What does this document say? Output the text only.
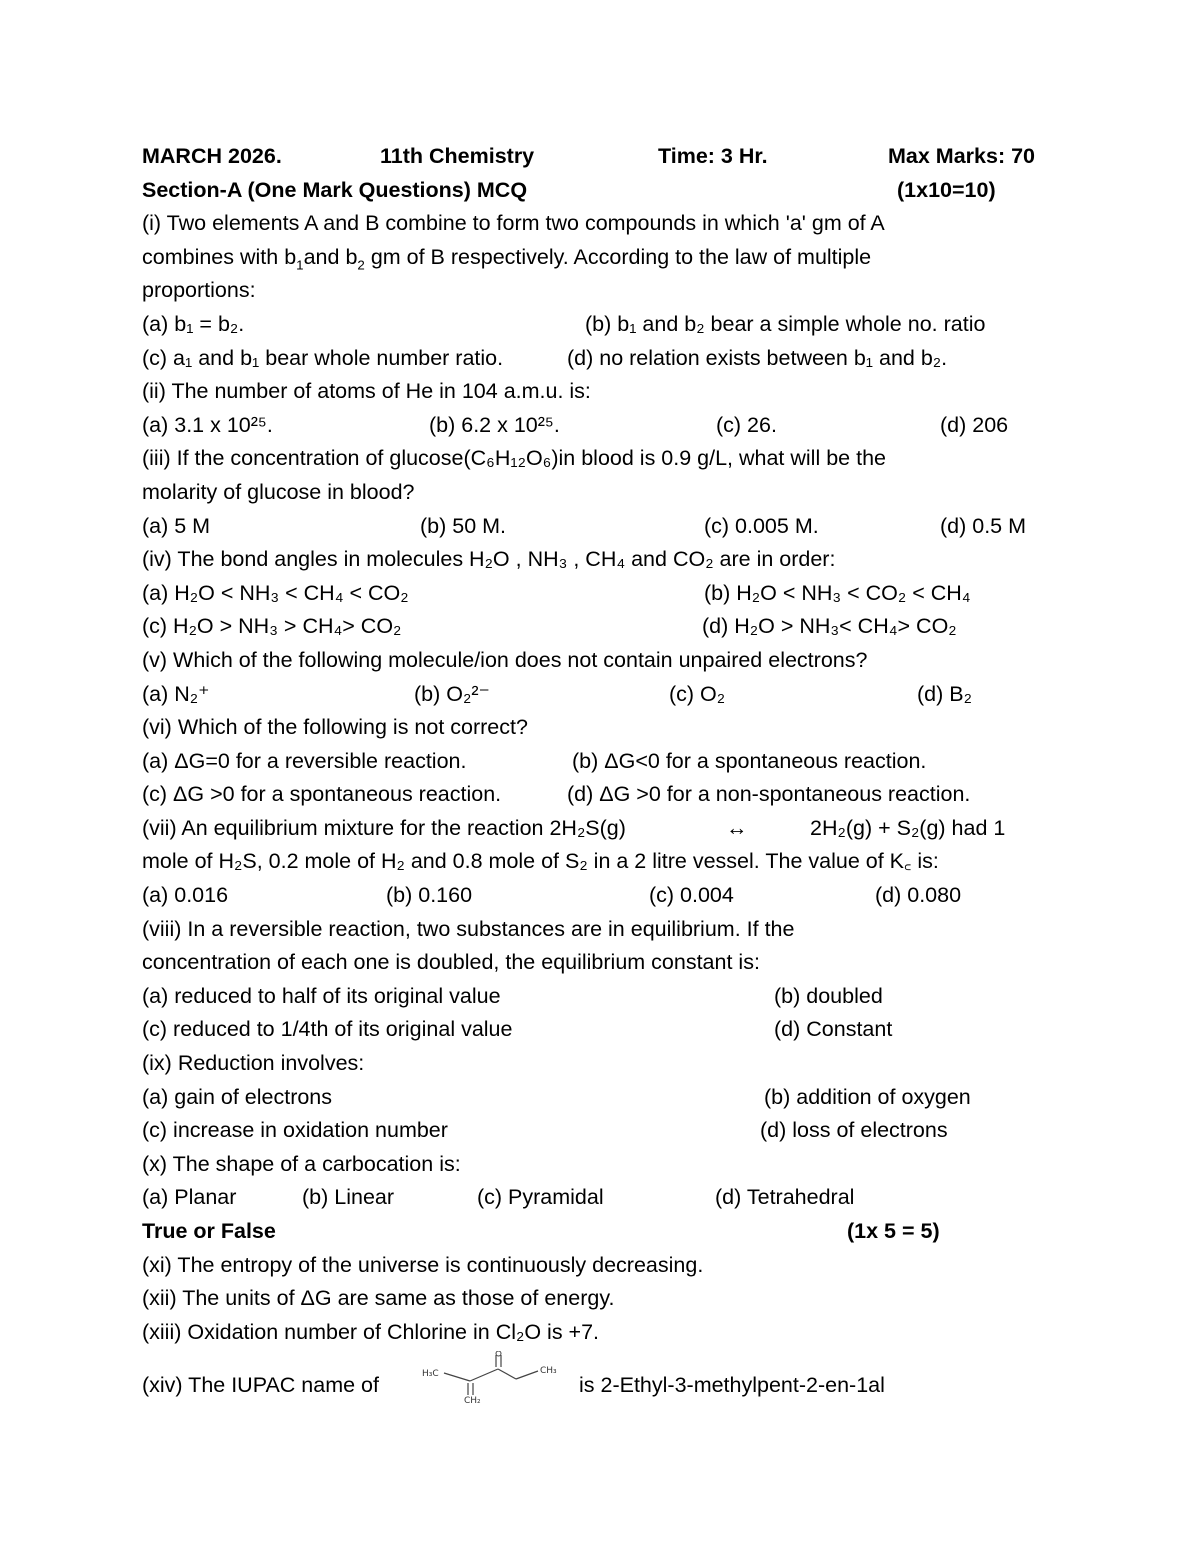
MARCH 2026.	11th Chemistry	Time: 3 Hr.	Max Marks: 70
Section-A (One Mark Questions) MCQ	(1x10=10)
(i) Two elements A and B combine to form two compounds in which 'a' gm of A
combines with $b_1and$ $b_2$ gm of B respectively. According to the law of multiple
proportions:
(a) b₁ = b₂.	(b) b₁ and b₂ bear a simple whole no. ratio
(c) a₁ and b₁ bear whole number ratio.	(d) no relation exists between b₁ and b₂.
(ii) The number of atoms of He in 104 a.m.u. is:
(a) 3.1 x 10²⁵.	(b) 6.2 x 10²⁵.	(c) 26.	(d) 206
(iii) If the concentration of glucose(C₆H₁₂O₆)in blood is 0.9 g/L, what will be the
molarity of glucose in blood?
(a) 5 M	(b) 50 M.	(c) 0.005 M.	(d) 0.5 M
(iv) The bond angles in molecules H₂O , NH₃ , CH₄ and CO₂ are in order:
(a) H₂O < NH₃ < CH₄ < CO₂	(b) H₂O < NH₃ < CO₂ < CH₄
(c) H₂O > NH₃ > CH₄> CO₂	(d) H₂O > NH₃< CH₄> CO₂
(v) Which of the following molecule/ion does not contain unpaired electrons?
(a) N₂⁺	(b) O₂²⁻	(c) O₂	(d) B₂
(vi) Which of the following is not correct?
(a) ΔG=0 for a reversible reaction.	(b) ΔG<0 for a spontaneous reaction.
(c) ΔG >0 for a spontaneous reaction.	(d) ΔG >0 for a non-spontaneous reaction.
(vii) An equilibrium mixture for the reaction 2H₂S(g)	↔	2H₂(g) + S₂(g) had 1
mole of H₂S, 0.2 mole of H₂ and 0.8 mole of S₂ in a 2 litre vessel. The value of K꜀ is:
(a) 0.016	(b) 0.160	(c) 0.004	(d) 0.080
(viii) In a reversible reaction, two substances are in equilibrium. If the
concentration of each one is doubled, the equilibrium constant is:
(a) reduced to half of its original value	(b) doubled
(c) reduced to 1/4th of its original value	(d) Constant
(ix) Reduction involves:
(a) gain of electrons	(b) addition of oxygen
(c) increase in oxidation number	(d) loss of electrons
(x) The shape of a carbocation is:
(a) Planar	(b) Linear	(c) Pyramidal	(d) Tetrahedral
True or False	(1x 5 = 5)
(xi) The entropy of the universe is continuously decreasing.
(xii) The units of ΔG are same as those of energy.
(xiii) Oxidation number of Chlorine in Cl₂O is +7.
(xiv) The IUPAC name of	H₃C	CH₃
CH₂
is 2-Ethyl-3-methylpent-2-en-1al
